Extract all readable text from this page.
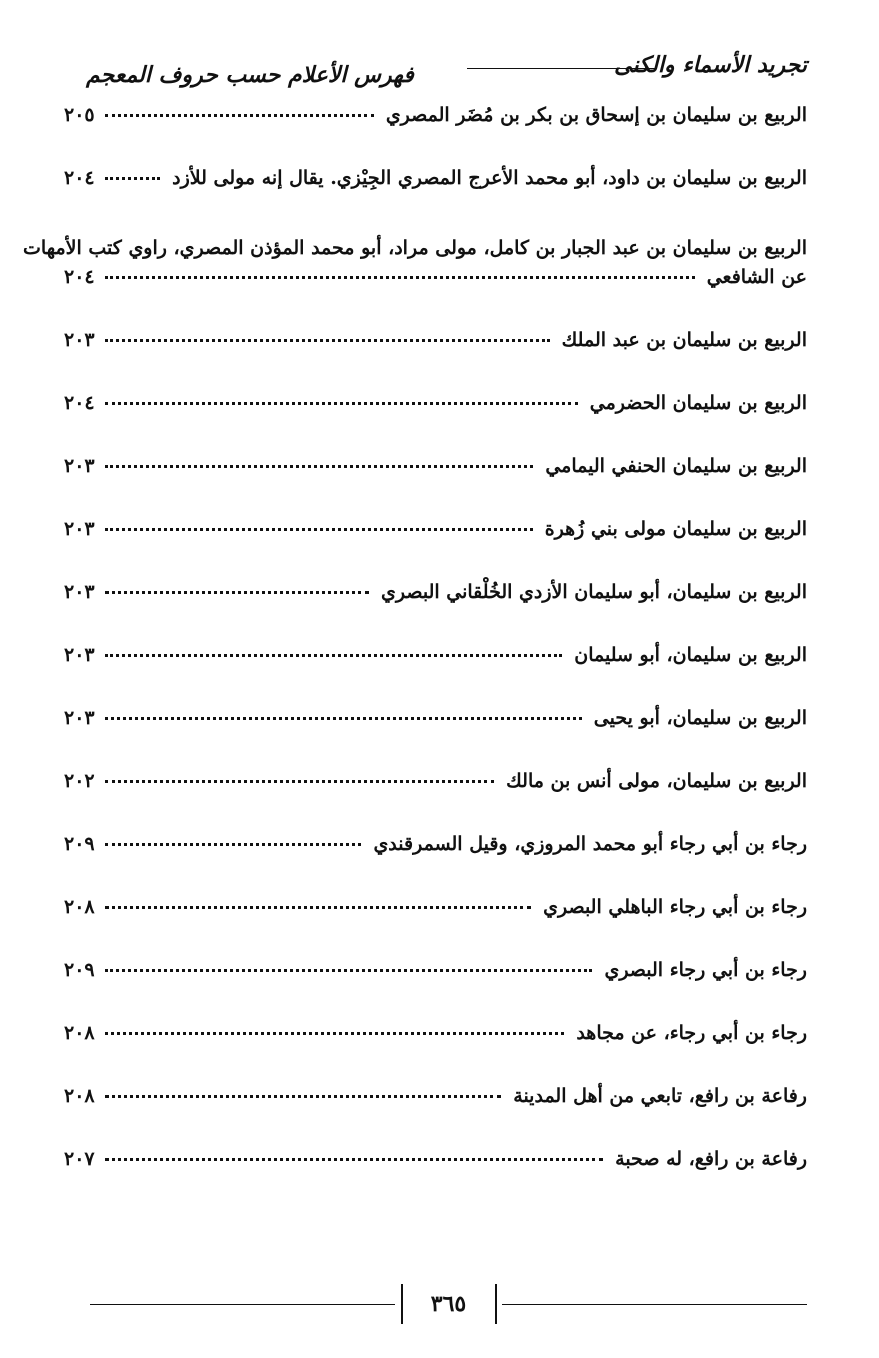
تجريد الأسماء والكنى
فهرس الأعلام حسب حروف المعجم
الربيع بن سليمان بن إسحاق بن بكر بن مُضَر المصري
٢٠٥
الربيع بن سليمان بن داود، أبو محمد الأعرج المصري الجِيْزي. يقال إنه مولى للأزد
٢٠٤
الربيع بن سليمان بن عبد الجبار بن كامل، مولى مراد، أبو محمد المؤذن المصري، راوي كتب الأمهات
عن الشافعي
٢٠٤
الربيع بن سليمان بن عبد الملك
٢٠٣
الربيع بن سليمان الحضرمي
٢٠٤
الربيع بن سليمان الحنفي اليمامي
٢٠٣
الربيع بن سليمان مولى بني زُهرة
٢٠٣
الربيع بن سليمان، أبو سليمان الأزدي الخُلْقاني البصري
٢٠٣
الربيع بن سليمان، أبو سليمان
٢٠٣
الربيع بن سليمان، أبو يحيى
٢٠٣
الربيع بن سليمان، مولى أنس بن مالك
٢٠٢
رجاء بن أبي رجاء أبو محمد المروزي، وقيل السمرقندي
٢٠٩
رجاء بن أبي رجاء الباهلي البصري
٢٠٨
رجاء بن أبي رجاء البصري
٢٠٩
رجاء بن أبي رجاء، عن مجاهد
٢٠٨
رفاعة بن رافع، تابعي من أهل المدينة
٢٠٨
رفاعة بن رافع، له صحبة
٢٠٧
٣٦٥
